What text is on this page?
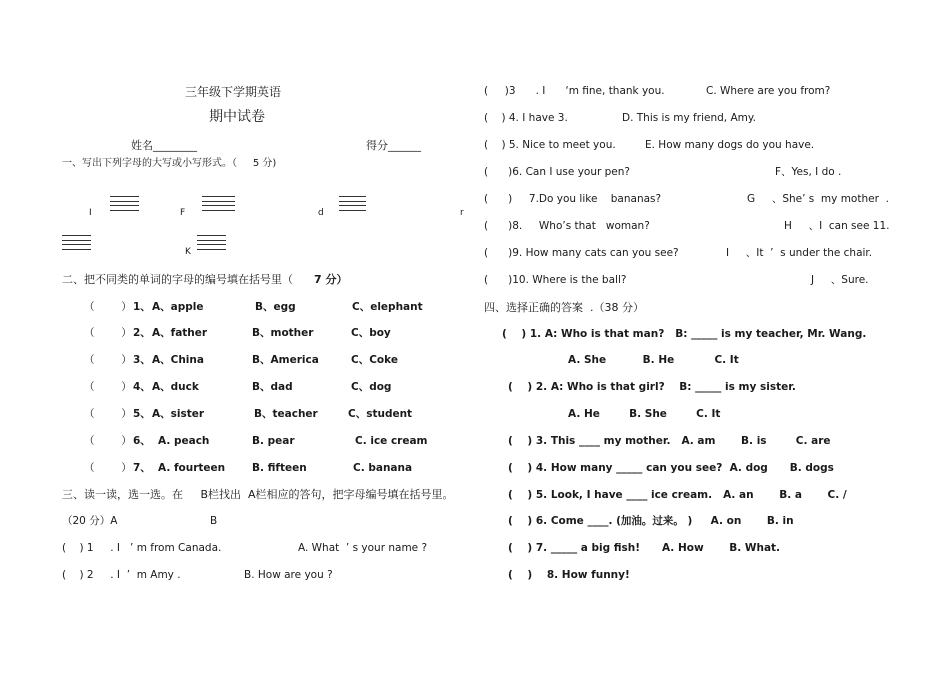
三年级下学期英语
期中试卷
姓名________	得分______
一、写出下列字母的大写或小写形式。（     5 分)
I	F	d	r
K
二、把不同类的单词的字母的编号填在括号里（ 7 分）
（        ） 1、 A、apple	B、egg	C、elephant
（        ） 2、 A、father	B、mother	C、boy
（        ） 3、 A、China	B、America	C、Coke
（        ） 4、 A、duck	B、dad	C、dog
（        ） 5、 A、sister	B、teacher	C、student
（        ） 6、 A. peach	B. pear	C. ice cream
（        ） 7、 A. fourteen	B. fifteen	C. banana
三、读一读，选一选。在     B栏找出  A栏相应的答句，把字母编号填在括号里。
（20 分）A	B
(    ) 1     . I   ’ m from Canada.	A. What  ’ s your name ?
(    ) 2     . I  ’  m Amy .	B. How are you ?
(     )3      . I      ‘m fine, thank you.	C. Where are you from?
(    ) 4. I have 3.	D. This is my friend, Amy.
(    ) 5. Nice to meet you.	E. How many dogs do you have.
(      )6. Can I use your pen?	F、Yes, I do .
(      )     7.Do you like    bananas?	G     、She’ s  my mother  .
(      )8.     Who’s that   woman?	H     、I  can see 11.
(      )9. How many cats can you see?	I     、It  ’  s under the chair.
(      )10. Where is the ball?	J     、Sure.
四、选择正确的答案  .（38 分）
(    ) 1. A: Who is that man?   B: _____ is my teacher, Mr. Wang.
A. She          B. He           C. It
(    ) 2. A: Who is that girl?    B: _____ is my sister.
A. He        B. She        C. It
(    ) 3. This ____ my mother.   A. am       B. is        C. are
(    ) 4. How many _____ can you see?  A. dog      B. dogs
(    ) 5. Look, I have ____ ice cream.   A. an       B. a       C. /
(    ) 6. Come ____. (加油。过来。 )     A. on       B. in
(    ) 7. _____ a big fish!      A. How       B. What.
(    )    8. How funny!
